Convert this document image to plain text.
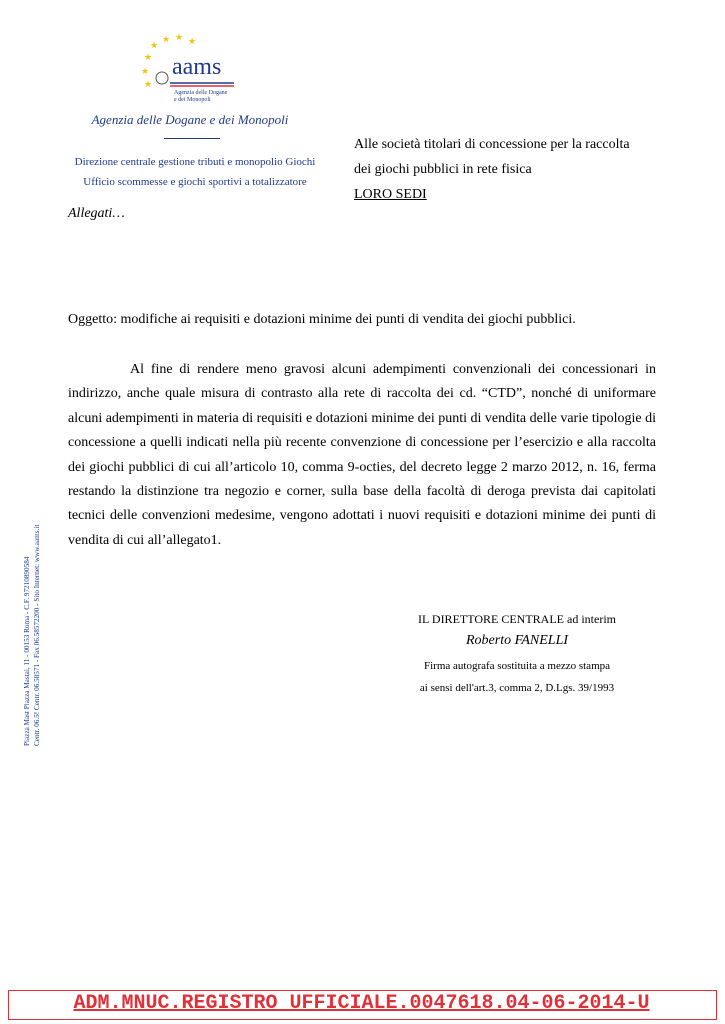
★
★ ★ ★
★
★
★
aams
Agenzia delle Dogane
e dei Monopoli
Agenzia delle Dogane e dei Monopoli
Direzione centrale gestione tributi e monopolio Giochi
Ufficio scommesse e giochi sportivi a totalizzatore
Allegati…
Alle società titolari di concessione per la raccolta
dei giochi pubblici in rete fisica
LORO SEDI
Oggetto: modifiche ai requisiti e dotazioni minime dei punti di vendita dei giochi pubblici.
Al fine di rendere meno gravosi alcuni adempimenti convenzionali dei concessionari in indirizzo, anche quale misura di contrasto alla rete di raccolta dei cd. “CTD”, nonché di uniformare alcuni adempimenti in materia di requisiti e dotazioni minime dei punti di vendita delle varie tipologie di concessione a quelli indicati nella più recente convenzione di concessione per l’esercizio e alla raccolta dei giochi pubblici di cui all’articolo 10, comma 9-octies, del decreto legge 2 marzo 2012, n. 16, ferma restando la distinzione tra negozio e corner, sulla base della facoltà di deroga prevista dai capitolati tecnici delle convenzioni medesime, vengono adottati i nuovi requisiti e dotazioni minime dei punti di vendita di cui all’allegato1.
IL DIRETTORE CENTRALE ad interim
Roberto FANELLI
Firma autografa sostituita a mezzo stampa
ai sensi dell'art.3, comma 2, D.Lgs. 39/1993
Piazza Mast Piazza Mastai, 11 - 00153 Roma - C.F. 97210890584 Centr. 06.5! Centr. 06.58571 - Fax 06.58572200 - Sito Internet: www.aams.it
ADM.MNUC.REGISTRO UFFICIALE.0047618.04-06-2014-U
